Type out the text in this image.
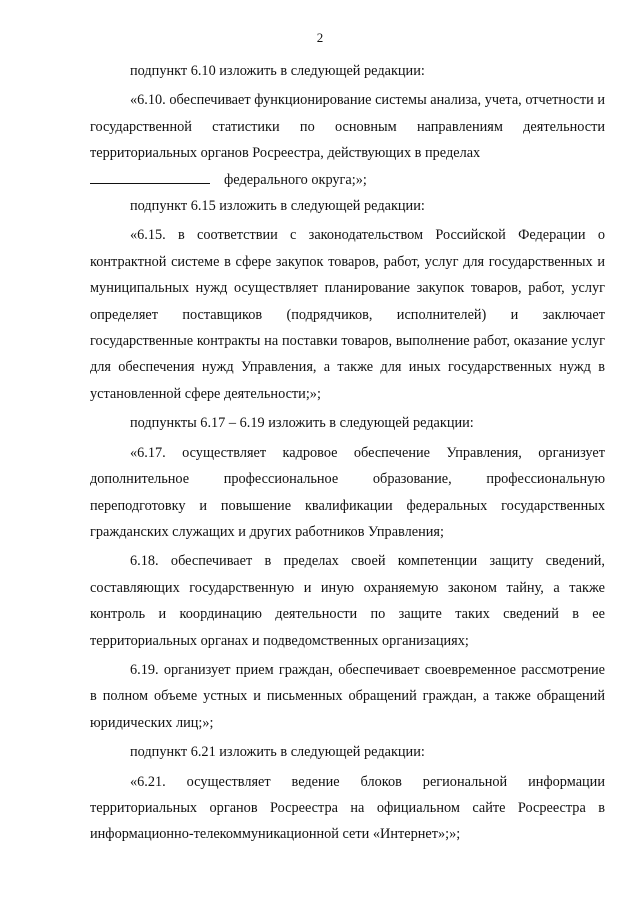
2

подпункт 6.10 изложить в следующей редакции:

«6.10. обеспечивает функционирование системы анализа, учета, отчетности и государственной статистики по основным направлениям деятельности территориальных органов Росреестра, действующих в пределах
федерального округа;»;

подпункт 6.15 изложить в следующей редакции:

«6.15. в соответствии с законодательством Российской Федерации о контрактной системе в сфере закупок товаров, работ, услуг для государственных и муниципальных нужд осуществляет планирование закупок товаров, работ, услуг определяет поставщиков (подрядчиков, исполнителей) и заключает государственные контракты на поставки товаров, выполнение работ, оказание услуг для обеспечения нужд Управления, а также для иных государственных нужд в установленной сфере деятельности;»;

подпункты 6.17 – 6.19 изложить в следующей редакции:

«6.17. осуществляет кадровое обеспечение Управления, организует дополнительное профессиональное образование, профессиональную переподготовку и повышение квалификации федеральных государственных гражданских служащих и других работников Управления;

6.18. обеспечивает в пределах своей компетенции защиту сведений, составляющих государственную и иную охраняемую законом тайну, а также контроль и координацию деятельности по защите таких сведений в ее территориальных органах и подведомственных организациях;

6.19. организует прием граждан, обеспечивает своевременное рассмотрение в полном объеме устных и письменных обращений граждан, а также обращений юридических лиц;»;

подпункт 6.21 изложить в следующей редакции:

«6.21. осуществляет ведение блоков региональной информации территориальных органов Росреестра на официальном сайте Росреестра в информационно-телекоммуникационной сети «Интернет»;»;
